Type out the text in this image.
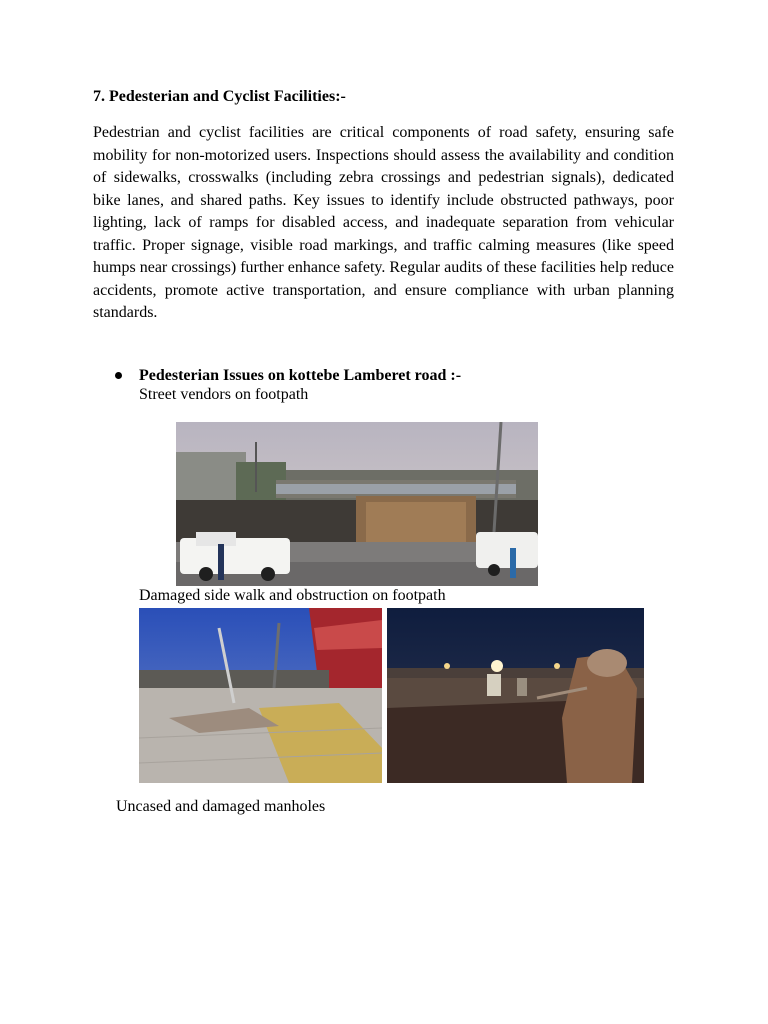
7. Pedesterian and Cyclist Facilities:-

Pedestrian and cyclist facilities are critical components of road safety, ensuring safe mobility for non-motorized users. Inspections should assess the availability and condition of sidewalks, crosswalks (including zebra crossings and pedestrian signals), dedicated bike lanes, and shared paths. Key issues to identify include obstructed pathways, poor lighting, lack of ramps for disabled access, and inadequate separation from vehicular traffic. Proper signage, visible road markings, and traffic calming measures (like speed humps near crossings) further enhance safety. Regular audits of these facilities help reduce accidents, promote active transportation, and ensure compliance with urban planning standards.

Pedesterian Issues on kottebe Lamberet road :-
Street vendors on footpath
Damaged side walk and obstruction on footpath
Uncased and damaged manholes
